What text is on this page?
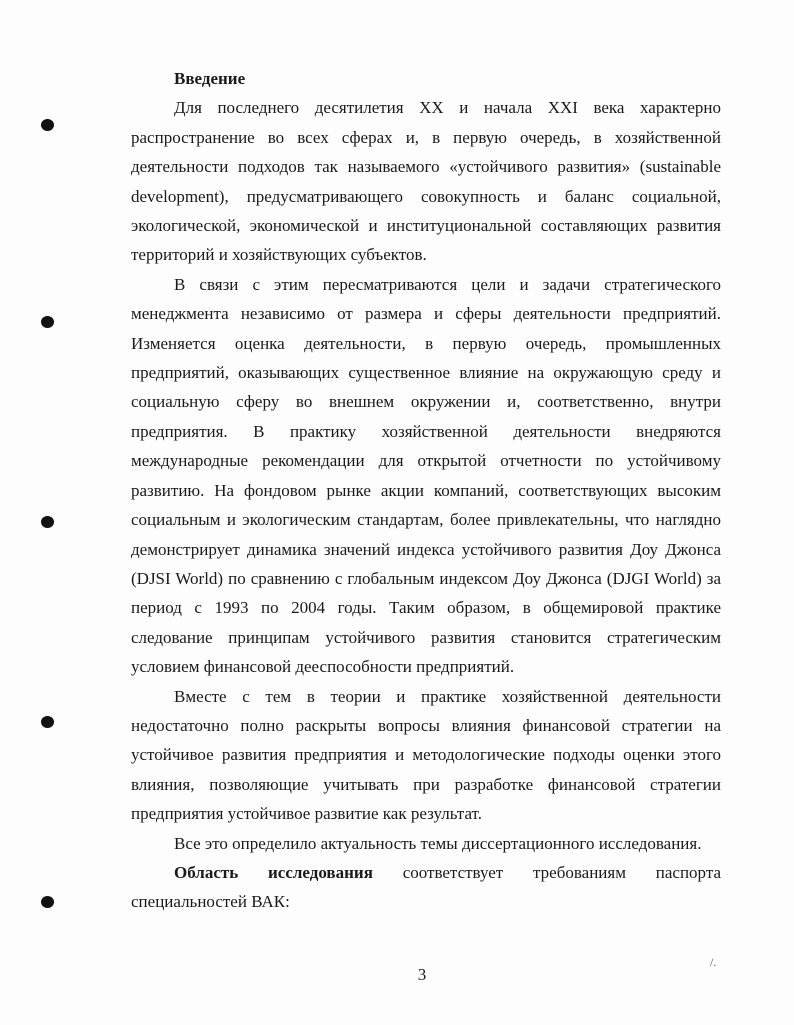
Введение

Для последнего десятилетия XX и начала XXI века характерно распространение во всех сферах и, в первую очередь, в хозяйственной деятельности подходов так называемого «устойчивого развития» (sustainable development), предусматривающего совокупность и баланс социальной, экологической, экономической и институциональной составляющих развития территорий и хозяйствующих субъектов.

В связи с этим пересматриваются цели и задачи стратегического менеджмента независимо от размера и сферы деятельности предприятий. Изменяется оценка деятельности, в первую очередь, промышленных предприятий, оказывающих существенное влияние на окружающую среду и социальную сферу во внешнем окружении и, соответственно, внутри предприятия. В практику хозяйственной деятельности внедряются международные рекомендации для открытой отчетности по устойчивому развитию. На фондовом рынке акции компаний, соответствующих высоким социальным и экологическим стандартам, более привлекательны, что наглядно демонстрирует динамика значений индекса устойчивого развития Доу Джонса (DJSI World) по сравнению с глобальным индексом Доу Джонса (DJGI World) за период с 1993 по 2004 годы. Таким образом, в общемировой практике следование принципам устойчивого развития становится стратегическим условием финансовой дееспособности предприятий.

Вместе с тем в теории и практике хозяйственной деятельности недостаточно полно раскрыты вопросы влияния финансовой стратегии на устойчивое развития предприятия и методологические подходы оценки этого влияния, позволяющие учитывать при разработке финансовой стратегии предприятия устойчивое развитие как результат.

Все это определило актуальность темы диссертационного исследования.

Область исследования соответствует требованиям паспорта

специальностей ВАК:

3
/.
